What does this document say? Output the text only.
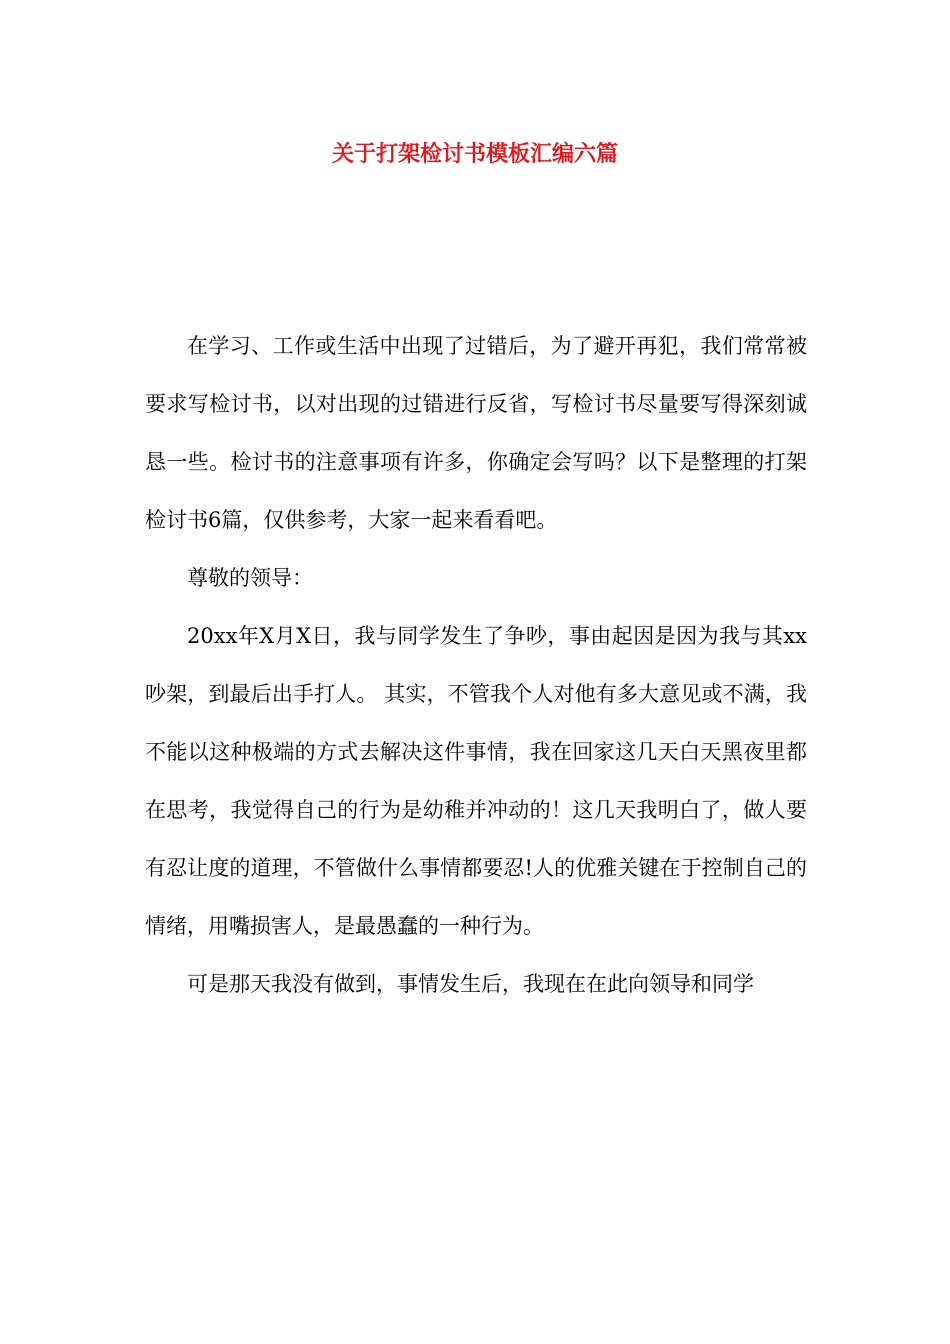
关于打架检讨书模板汇编六篇

在学习、工作或生活中出现了过错后，为了避开再犯，我们常常被要求写检讨书，以对出现的过错进行反省，写检讨书尽量要写得深刻诚恳一些。检讨书的注意事项有许多，你确定会写吗？以下是整理的打架检讨书6篇，仅供参考，大家一起来看看吧。

尊敬的领导：

20xx年X月X日，我与同学发生了争吵，事由起因是因为我与其xx吵架，到最后出手打人。 其实，不管我个人对他有多大意见或不满，我不能以这种极端的方式去解决这件事情，我在回家这几天白天黑夜里都在思考，我觉得自己的行为是幼稚并冲动的！这几天我明白了，做人要有忍让度的道理，不管做什么事情都要忍!人的优雅关键在于控制自己的情绪，用嘴损害人，是最愚蠢的一种行为。

可是那天我没有做到，事情发生后，我现在在此向领导和同学
